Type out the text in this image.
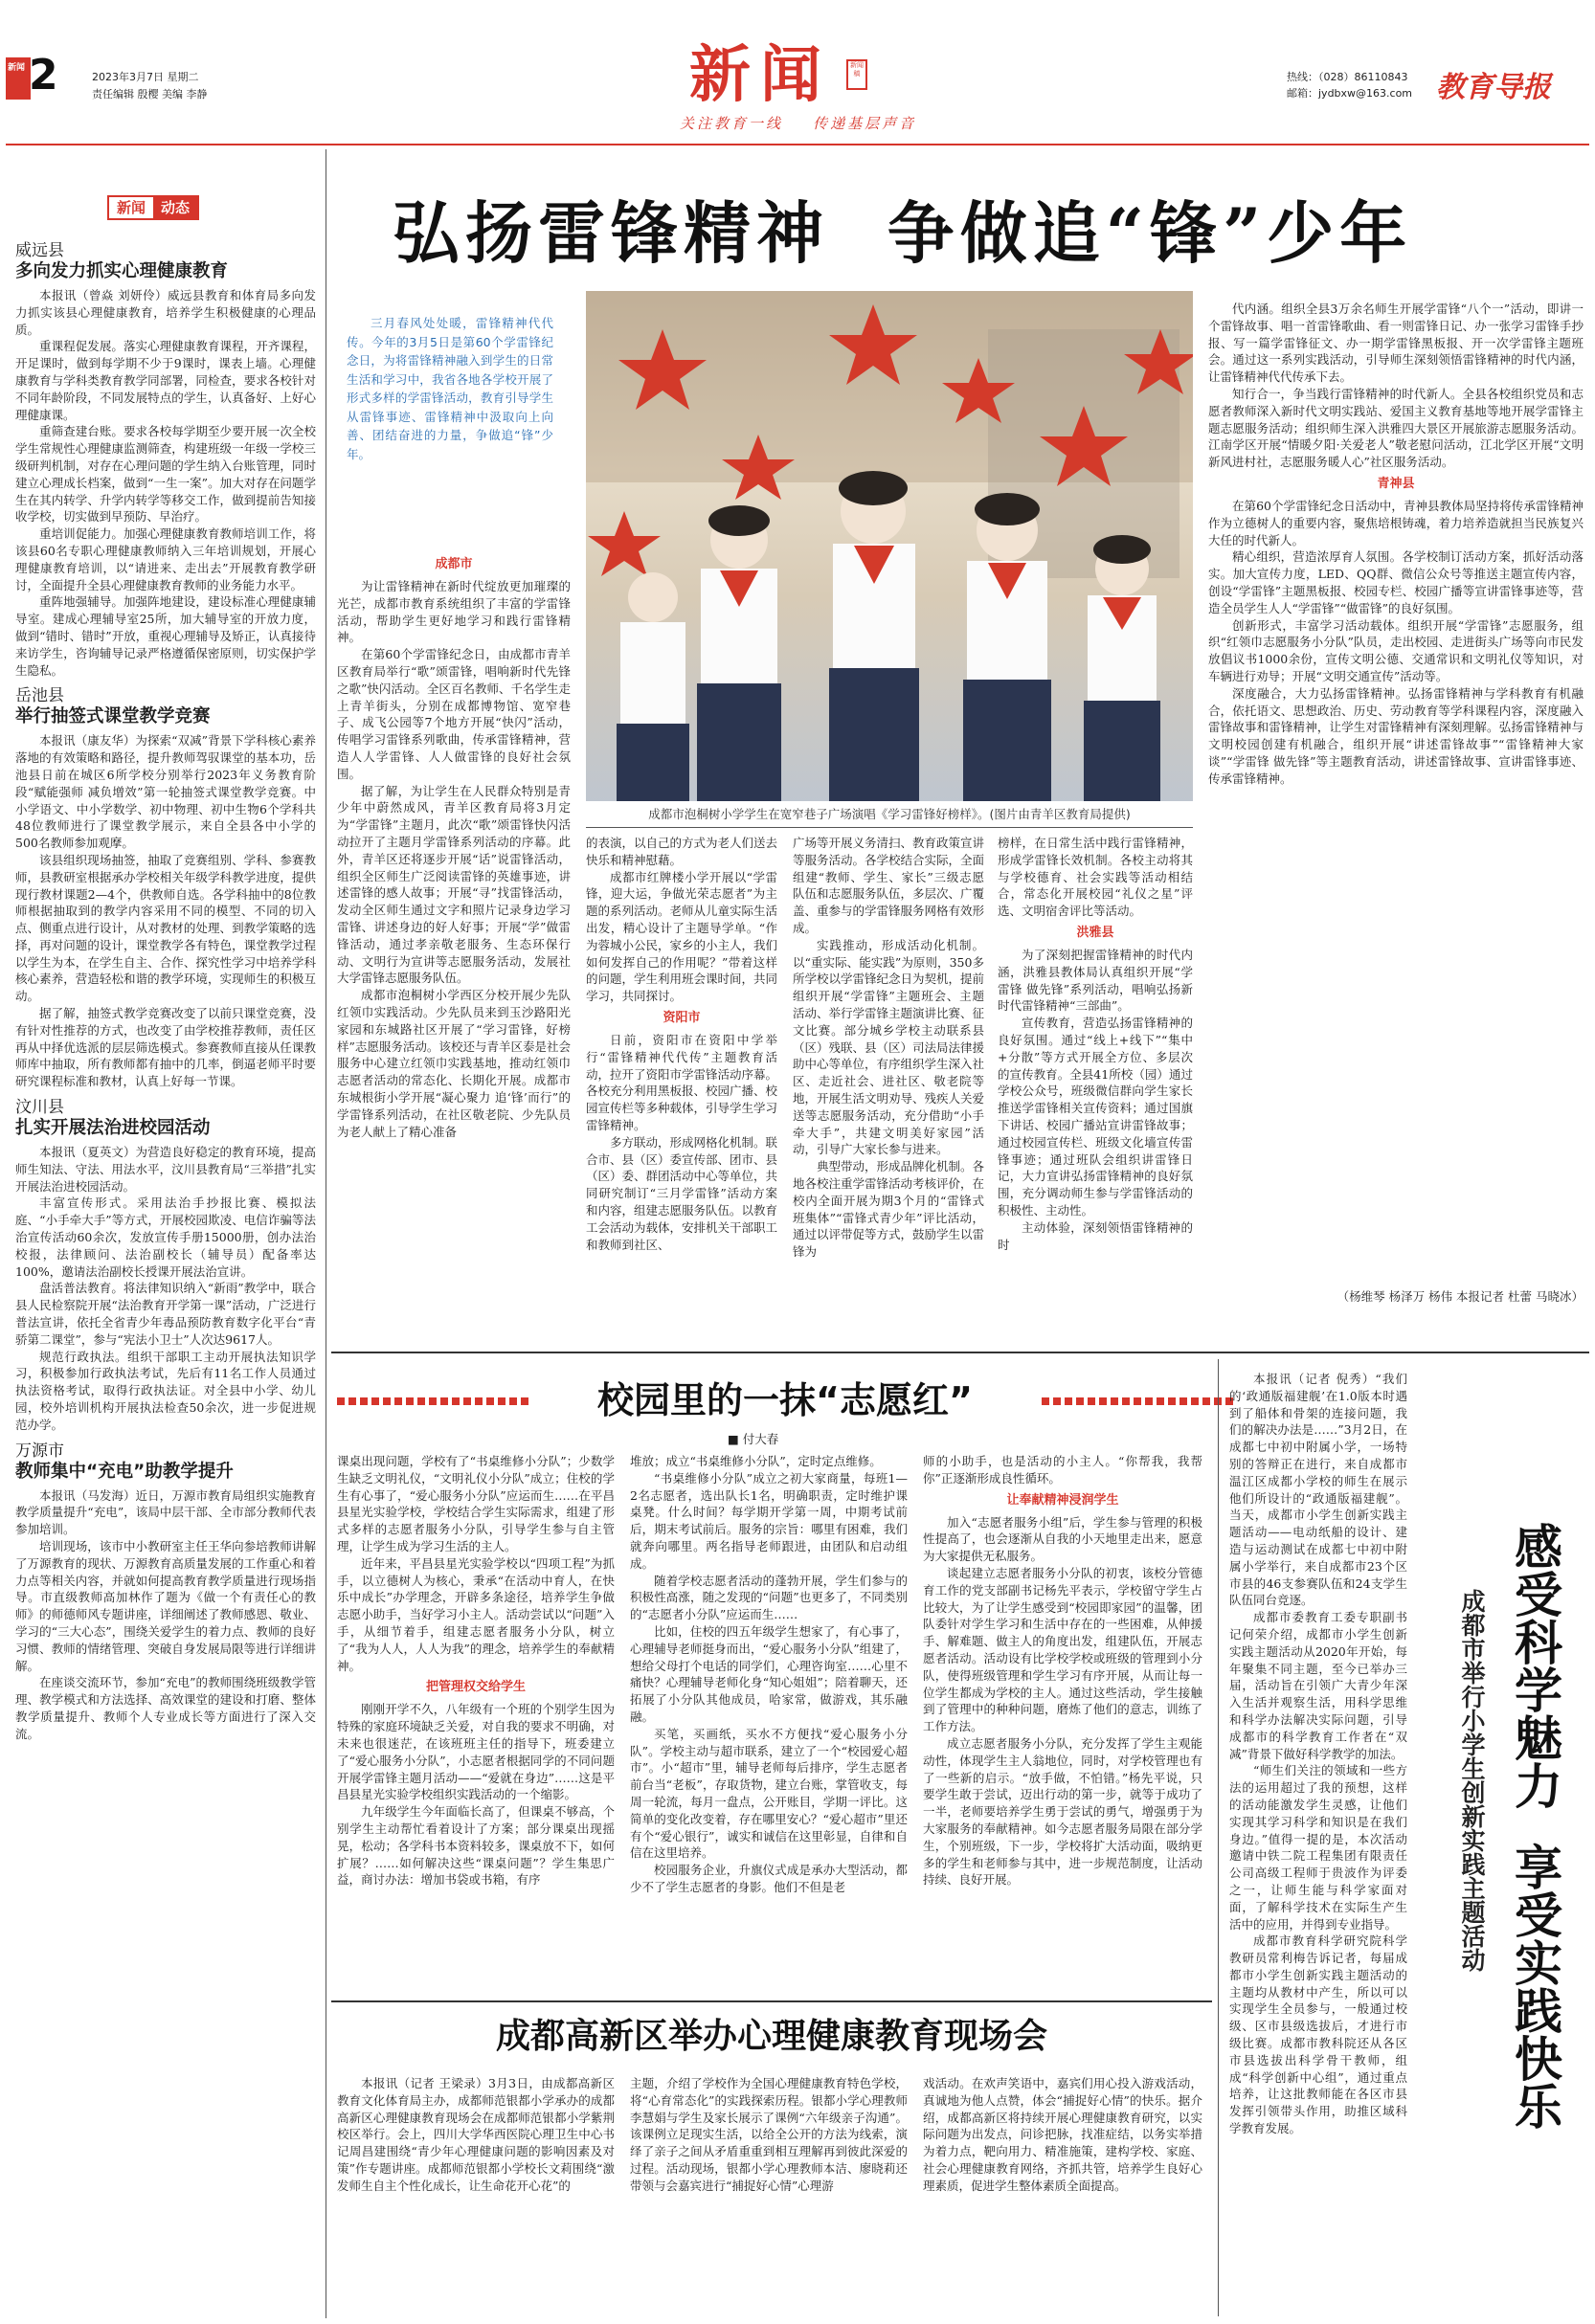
新闻 2	2023年3月7日 星期二
责任编辑 殷樱 美编 李静	新闻	新闻稿
关注教育一线    传递基层声音
热线：（028）86110843
邮箱：jydbxw@163.com 教育导报
新闻 动态
威远县
多向发力抓实心理健康教育
本报讯（曾焱 刘妍伶）威远县教育和体育局多向发力抓实该县心理健康教育，培养学生积极健康的心理品质。
重课程促发展。落实心理健康教育课程，开齐课程，开足课时，做到每学期不少于9课时，课表上墙。心理健康教育与学科类教育教学同部署，同检查，要求各校针对不同年龄阶段，不同发展特点的学生，认真备好、上好心理健康课。
重筛查建台账。要求各校每学期至少要开展一次全校学生常规性心理健康监测筛查，构建班级一年级一学校三级研判机制，对存在心理问题的学生纳入台账管理，同时建立心理成长档案，做到“一生一案”。加大对存在问题学生在其内转学、升学内转学等移交工作，做到提前告知接收学校，切实做到早预防、早治疗。
重培训促能力。加强心理健康教育教师培训工作，将该县60名专职心理健康教师纳入三年培训规划，开展心理健康教育培训，以“请进来、走出去”开展教育教学研讨，全面提升全县心理健康教育教师的业务能力水平。
重阵地强辅导。加强阵地建设，建设标准心理健康辅导室。建成心理辅导室25所，加大辅导室的开放力度，做到“错时、错时”开放，重视心理辅导及矫正，认真接待来访学生，咨询辅导记录严格遵循保密原则，切实保护学生隐私。
岳池县
举行抽签式课堂教学竞赛
本报讯（康友华）为探索“双减”背景下学科核心素养落地的有效策略和路径，提升教师驾驭课堂的基本功，岳池县日前在城区6所学校分别举行2023年义务教育阶段“赋能强师 减负增效”第一轮抽签式课堂教学竞赛。中小学语文、中小学数学、初中物理、初中生物6个学科共48位教师进行了课堂教学展示，来自全县各中小学的500名教师参加观摩。
该县组织现场抽签，抽取了竞赛组别、学科、参赛教师，县教研室根据承办学校相关年级学科教学进度，提供现行教材课题2—4个，供教师自选。各学科抽中的8位教师根据抽取到的教学内容采用不同的模型、不同的切入点、侧重点进行设计，从对教材的处理、到教学策略的选择，再对问题的设计，课堂教学各有特色，课堂教学过程以学生为本，在学生自主、合作、探究性学习中培养学科核心素养，营造轻松和谐的教学环境，实现师生的积极互动。
据了解，抽签式教学竞赛改变了以前只课堂竞赛，没有针对性推荐的方式，也改变了由学校推荐教师，责任区再从中择优选派的层层筛选模式。参赛教师直接从任课教师库中抽取，所有教师都有抽中的几率，倒逼老师平时要研究课程标准和教材，认真上好每一节课。
汶川县
扎实开展法治进校园活动
本报讯（夏英文）为营造良好稳定的教育环境，提高师生知法、守法、用法水平，汶川县教育局“三举措”扎实开展法治进校园活动。
丰富宣传形式。采用法治手抄报比赛、模拟法庭、“小手牵大手”等方式，开展校园欺凌、电信诈骗等法治宣传活动60余次，发放宣传手册15000册，创办法治校报，法律顾问、法治副校长（辅导员）配备率达100%，邀请法治副校长授课开展法治宣讲。
盘活普法教育。将法律知识纳入“新雨”教学中，联合县人民检察院开展“法治教育开学第一课”活动，广泛进行普法宣讲，依托全省青少年毒品预防教育数字化平台“青骄第二课堂”，参与“宪法小卫士”人次达9617人。
规范行政执法。组织干部职工主动开展执法知识学习，积极参加行政执法考试，先后有11名工作人员通过执法资格考试，取得行政执法证。对全县中小学、幼儿园，校外培训机构开展执法检查50余次，进一步促进规范办学。
万源市
教师集中“充电”助教学提升
本报讯（马发海）近日，万源市教育局组织实施教育教学质量提升“充电”，该局中层干部、全市部分教师代表参加培训。
培训现场，该市中小教研室主任王华向参培教师讲解了万源教育的现状、万源教育高质量发展的工作重心和着力点等相关内容，并就如何提高教育教学质量进行现场指导。市直级教师高加林作了题为《做一个有责任心的教师》的师德师风专题讲座，详细阐述了教师感恩、敬业、学习的“三大心态”，围绕关爱学生的着力点、教师的良好习惯、教师的情绪管理、突破自身发展局限等进行详细讲解。
在座谈交流环节，参加“充电”的教师围绕班级教学管理、教学模式和方法选择、高效课堂的建设和打磨、整体教学质量提升、教师个人专业成长等方面进行了深入交流。
弘扬雷锋精神  争做追“锋”少年
三月春风处处暖，雷锋精神代代传。今年的3月5日是第60个学雷锋纪念日，为将雷锋精神融入到学生的日常生活和学习中，我省各地各学校开展了形式多样的学雷锋活动，教育引导学生从雷锋事迹、雷锋精神中汲取向上向善、团结奋进的力量，争做追“锋”少年。
成都市泡桐树小学学生在宽窄巷子广场演唱《学习雷锋好榜样》。(图片由青羊区教育局提供)
成都市
为让雷锋精神在新时代绽放更加璀璨的光芒，成都市教育系统组织了丰富的学雷锋活动，帮助学生更好地学习和践行雷锋精神。
在第60个学雷锋纪念日，由成都市青羊区教育局举行“歌”颂雷锋，唱响新时代先锋之歌”快闪活动。全区百名教师、千名学生走上青羊街头，分别在成都博物馆、宽窄巷子、成飞公园等7个地方开展“快闪”活动，传唱学习雷锋系列歌曲，传承雷锋精神，营造人人学雷锋、人人做雷锋的良好社会氛围。
据了解，为让学生在人民群众特别是青少年中蔚然成风，青羊区教育局将3月定为“学雷锋”主题月，此次“歌”颂雷锋快闪活动拉开了主题月学雷锋系列活动的序幕。此外，青羊区还将逐步开展“话”说雷锋活动，组织全区师生广泛阅读雷锋的英雄事迹，讲述雷锋的感人故事；开展“寻”找雷锋活动，发动全区师生通过文字和照片记录身边学习雷锋、讲述身边的好人好事；开展“学”做雷锋活动，通过孝亲敬老服务、生态环保行动、文明行为宣讲等志愿服务活动，发展社大学雷锋志愿服务队伍。
成都市泡桐树小学西区分校开展少先队红领巾实践活动。少先队员来到玉沙路阳光家园和东城路社区开展了“学习雷锋，好榜样”志愿服务活动。该校还与青羊区泰是社会服务中心建立红领巾实践基地，推动红领巾志愿者活动的常态化、长期化开展。成都市东城根街小学开展“凝心聚力 追‘锋’而行”的学雷锋系列活动，在社区敬老院、少先队员为老人献上了精心准备
的表演，以自己的方式为老人们送去快乐和精神慰藉。
成都市红牌楼小学开展以“学雷锋，迎大运，争做光荣志愿者”为主题的系列活动。老师从儿童实际生活出发，精心设计了主题导学单。“作为蓉城小公民，家乡的小主人，我们如何发挥自己的作用呢？”带着这样的问题，学生利用班会课时间，共同学习，共同探讨。
资阳市
日前，资阳市在资阳中学举行“雷锋精神代代传”主题教育活动，拉开了资阳市学雷锋活动序幕。各校充分利用黑板报、校园广播、校园宣传栏等多种载体，引导学生学习雷锋精神。
多方联动，形成网格化机制。联合市、县（区）委宣传部、团市、县（区）委、群团活动中心等单位，共同研究制订“三月学雷锋”活动方案和内容，组建志愿服务队伍。以教育工会活动为载体，安排机关干部职工和教师到社区、
广场等开展义务清扫、教育政策宣讲等服务活动。各学校结合实际，全面组建“教师、学生、家长”三级志愿队伍和志愿服务队伍，多层次、广覆盖、重参与的学雷锋服务网格有效形成。
实践推动，形成活动化机制。以“重实际、能实践”为原则，350多所学校以学雷锋纪念日为契机，提前组织开展“学雷锋”主题班会、主题活动、举行学雷锋主题演讲比赛、征文比赛。部分城乡学校主动联系县（区）残联、县（区）司法局法律援助中心等单位，有序组织学生深入社区、走近社会、进社区、敬老院等地，开展生活文明劝导、残疾人关爱送等志愿服务活动，充分借助“小手牵大手”，共建文明美好家园”活动，引导广大家长参与进来。
典型带动，形成品牌化机制。各地各校注重学雷锋活动考核评价，在校内全面开展为期3个月的“雷锋式班集体”“雷锋式青少年”评比活动，通过以评带促等方式，鼓励学生以雷锋为
榜样，在日常生活中践行雷锋精神，形成学雷锋长效机制。各校主动将其与学校德育、社会实践等活动相结合，常态化开展校园“礼仪之星”评选、文明宿舍评比等活动。
洪雅县
为了深刻把握雷锋精神的时代内涵，洪雅县教体局认真组织开展“学雷锋 做先锋”系列活动，唱响弘扬新时代雷锋精神“三部曲”。
宣传教育，营造弘扬雷锋精神的良好氛围。通过“线上+线下”“集中+分散”等方式开展全方位、多层次的宣传教育。全县41所校（园）通过学校公众号，班级微信群向学生家长推送学雷锋相关宣传资料；通过国旗下讲话、校园广播站宣讲雷锋故事；通过校园宣传栏、班级文化墙宣传雷锋事迹；通过班队会组织讲雷锋日记，大力宣讲弘扬雷锋精神的良好氛围，充分调动师生参与学雷锋活动的积极性、主动性。
主动体验，深刻领悟雷锋精神的时
代内涵。组织全县3万余名师生开展学雷锋“八个一”活动，即讲一个雷锋故事、唱一首雷锋歌曲、看一则雷锋日记、办一张学习雷锋手抄报、写一篇学雷锋征文、办一期学雷锋黑板报、开一次学雷锋主题班会。通过这一系列实践活动，引导师生深刻领悟雷锋精神的时代内涵，让雷锋精神代代传承下去。
知行合一，争当践行雷锋精神的时代新人。全县各校组织党员和志愿者教师深入新时代文明实践站、爱国主义教育基地等地开展学雷锋主题志愿服务活动；组织师生深入洪雅四大景区开展旅游志愿服务活动。江南学区开展“情暖夕阳·关爱老人”敬老慰问活动，江北学区开展“文明新风进村社，志愿服务暖人心”社区服务活动。
青神县
在第60个学雷锋纪念日活动中，青神县教体局坚持将传承雷锋精神作为立德树人的重要内容，聚焦培根铸魂，着力培养造就担当民族复兴大任的时代新人。
精心组织，营造浓厚育人氛围。各学校制订活动方案，抓好活动落实。加大宣传力度，LED、QQ群、微信公众号等推送主题宣传内容，创设“学雷锋”主题黑板报、校园专栏、校园广播等宣讲雷锋事迹等，营造全员学生人人“学雷锋”“做雷锋”的良好氛围。
创新形式，丰富学习活动载体。组织开展“学雷锋”志愿服务，组织“红领巾志愿服务小分队”队员，走出校园、走进街头广场等向市民发放倡议书1000余份，宣传文明公德、交通常识和文明礼仪等知识，对车辆进行劝导；开展“文明交通宣传”活动等。
深度融合，大力弘扬雷锋精神。弘扬雷锋精神与学科教育有机融合，依托语文、思想政治、历史、劳动教育等学科课程内容，深度融入雷锋故事和雷锋精神，让学生对雷锋精神有深刻理解。弘扬雷锋精神与文明校园创建有机融合，组织开展“讲述雷锋故事”“雷锋精神大家谈”“学雷锋 做先锋”等主题教育活动，讲述雷锋故事、宣讲雷锋事迹、传承雷锋精神。
（杨维琴 杨泽万 杨伟 本报记者 杜蕾 马晓冰）
校园里的一抹“志愿红”
■ 付大春
课桌出现问题，学校有了“书桌维修小分队”；少数学生缺乏文明礼仪，“文明礼仪小分队”成立；住校的学生有心事了，“爱心服务小分队”应运而生……在平昌县星光实验学校，学校结合学生实际需求，组建了形式多样的志愿者服务小分队，引导学生参与自主管理，让学生成为学习生活的主人。
近年来，平昌县星光实验学校以“四项工程”为抓手，以立德树人为核心，秉承“在活动中育人，在快乐中成长”办学理念，开辟多条途径，培养学生争做志愿小助手，当好学习小主人。活动尝试以“问题”入手，从细节着手，组建志愿者服务小分队，树立了“我为人人，人人为我”的理念，培养学生的奉献精神。
把管理权交给学生
刚刚开学不久，八年级有一个班的个别学生因为特殊的家庭环境缺乏关爱，对自我的要求不明确，对未来也很迷茫，在该班班主任的指导下，班委建立了“爱心服务小分队”，小志愿者根据同学的不同问题开展学雷锋主题月活动——“爱就在身边”……这是平昌县星光实验学校组织实践活动的一个缩影。
九年级学生今年面临长高了，但课桌不够高，个别学生主动帮忙看着设计了方案；部分课桌出现摇晃，松动；各学科书本资料较多，课桌放不下，如何扩展？……如何解决这些“课桌问题”？学生集思广益，商讨办法：增加书袋或书箱，有序
堆放；成立“书桌维修小分队”，定时定点维修。
“书桌维修小分队”成立之初大家商量，每班1—2名志愿者，选出队长1名，明确职责，定时维护课桌凳。什么时间？每学期开学第一周，中期考试前后，期末考试前后。服务的宗旨：哪里有困难，我们就奔向哪里。两名指导老师跟进，由团队和启动组成。
随着学校志愿者活动的蓬勃开展，学生们参与的积极性高涨，随之发现的“问题”也更多了，不同类别的“志愿者小分队”应运而生……
比如，住校的四五年级学生想家了，有心事了，心理辅导老师挺身而出，“爱心服务小分队”组建了，想给父母打个电话的同学们，心理咨询室……心里不痛快？心理辅导老师化身“知心姐姐”；陪着聊天，还拓展了小分队其他成员，哈家常，做游戏，其乐融融。
买笔，买画纸，买水不方便找“爱心服务小分队”。学校主动与超市联系，建立了一个“校园爱心超市”。小“超市”里，辅导老师每后排序，学生志愿者前台当“老板”，存取货物，建立台账，掌管收支，每周一轮流，每月一盘点，公开账目，学期一评比。这简单的变化改变着，存在哪里安心？“爱心超市”里还有个“爱心银行”，诚实和诚信在这里彰显，自律和自信在这里培养。
校园服务企业，升旗仪式成是承办大型活动，都少不了学生志愿者的身影。他们不但是老
师的小助手，也是活动的小主人。“你帮我，我帮你”正逐渐形成良性循环。
让奉献精神浸润学生
加入“志愿者服务小组”后，学生参与管理的积极性提高了，也会逐渐从自我的小天地里走出来，愿意为大家提供无私服务。
谈起建立志愿者服务小分队的初衷，该校分管德育工作的党支部副书记杨先平表示，学校留守学生占比较大，为了让学生感受到“校园即家园”的温馨，团队委针对学生学习和生活中存在的一些困难，从伸援手、解难题、做主人的角度出发，组建队伍，开展志愿者活动。活动设有比学校学校或班级的管理到小分队，使得班级管理和学生学习有序开展，从而让每一位学生都成为学校的主人。通过这些活动，学生接触到了管理中的种种问题，磨炼了他们的意志，训练了工作方法。
成立志愿者服务小分队，充分发挥了学生主观能动性，体现学生主人翁地位，同时，对学校管理也有了一些新的启示。“放手做，不怕错。”杨先平说，只要学生敢于尝试，迈出行动的第一步，就等于成功了一半，老师要培养学生勇于尝试的勇气，增强勇于为大家服务的奉献精神。如今志愿者服务局限在部分学生，个别班级，下一步，学校将扩大活动面，吸纳更多的学生和老师参与其中，进一步规范制度，让活动持续、良好开展。
本报讯（记者 倪秀）“我们的‘政通版福建舰’在1.0版本时遇到了船体和骨架的连接问题，我们的解决办法是……”3月2日，在成都七中初中附属小学，一场特别的答辩正在进行，来自成都市温江区成都小学校的师生在展示他们所设计的“政通版福建舰”。当天，成都市小学生创新实践主题活动——电动纸船的设计、建造与运动测试在成都七中初中附属小学举行，来自成都市23个区市县的46支参赛队伍和24支学生队伍同台竞逐。
成都市委教育工委专职副书记何荣介绍，成都市小学生创新实践主题活动从2020年开始，每年聚集不同主题，至今已举办三届，活动旨在引领广大青少年深入生活并观察生活，用科学思维和科学办法解决实际问题，引导成都市的科学教育工作者在“双减”背景下做好科学教学的加法。
“师生们关注的领域和一些方法的运用超过了我的预想，这样的活动能激发学生灵感，让他们实现其学习科学和知识是在我们身边。”值得一提的是，本次活动邀请中铁二院工程集团有限责任公司高级工程师于贵波作为评委之一，让师生能与科学家面对面，了解科学技术在实际生产生活中的应用，并得到专业指导。
成都市教育科学研究院科学教研员常利梅告诉记者，每届成都市小学生创新实践主题活动的主题均从教材中产生，所以可以实现学生全员参与，一般通过校级、区市县级选拔后，才进行市级比赛。成都市教科院还从各区市县选拔出科学骨干教师，组成“科学创新中心组”，通过重点培养，让这批教师能在各区市县发挥引领带头作用，助推区域科学教育发展。	感受科学魅力  享受实践快乐
成都市举行小学生创新实践主题活动
成都高新区举办心理健康教育现场会
本报讯（记者 王梁录）3月3日，由成都高新区教育文化体育局主办，成都师范银都小学承办的成都高新区心理健康教育现场会在成都师范银都小学紫荆校区举行。会上，四川大学华西医院心理卫生中心书记周昌建围绕“青少年心理健康问题的影响因素及对策”作专题讲座。成都师范银都小学校长文莉围绕“激发师生自主个性化成长，让生命花开心花”的
主题，介绍了学校作为全国心理健康教育特色学校，将“心育常态化”的实践探索历程。银都小学心理教师李慧娟与学生及家长展示了课例“六年级亲子沟通”。该课例立足现实生活，以给全公开的方法为线索，演绎了亲子之间从矛盾重重到相互理解再到彼此深爱的过程。活动现场，银都小学心理教师本洁、廖晓莉还带领与会嘉宾进行“捕捉好心情”心理游
戏活动。在欢声笑语中，嘉宾们用心投入游戏活动，真诚地为他人点赞，体会“捕捉好心情”的快乐。据介绍，成都高新区将持续开展心理健康教育研究，以实际问题为出发点，问诊把脉，找准症结，以务实举措为着力点，靶向用力、精准施策，建构学校、家庭、社会心理健康教育网络，齐抓共管，培养学生良好心理素质，促进学生整体素质全面提高。
